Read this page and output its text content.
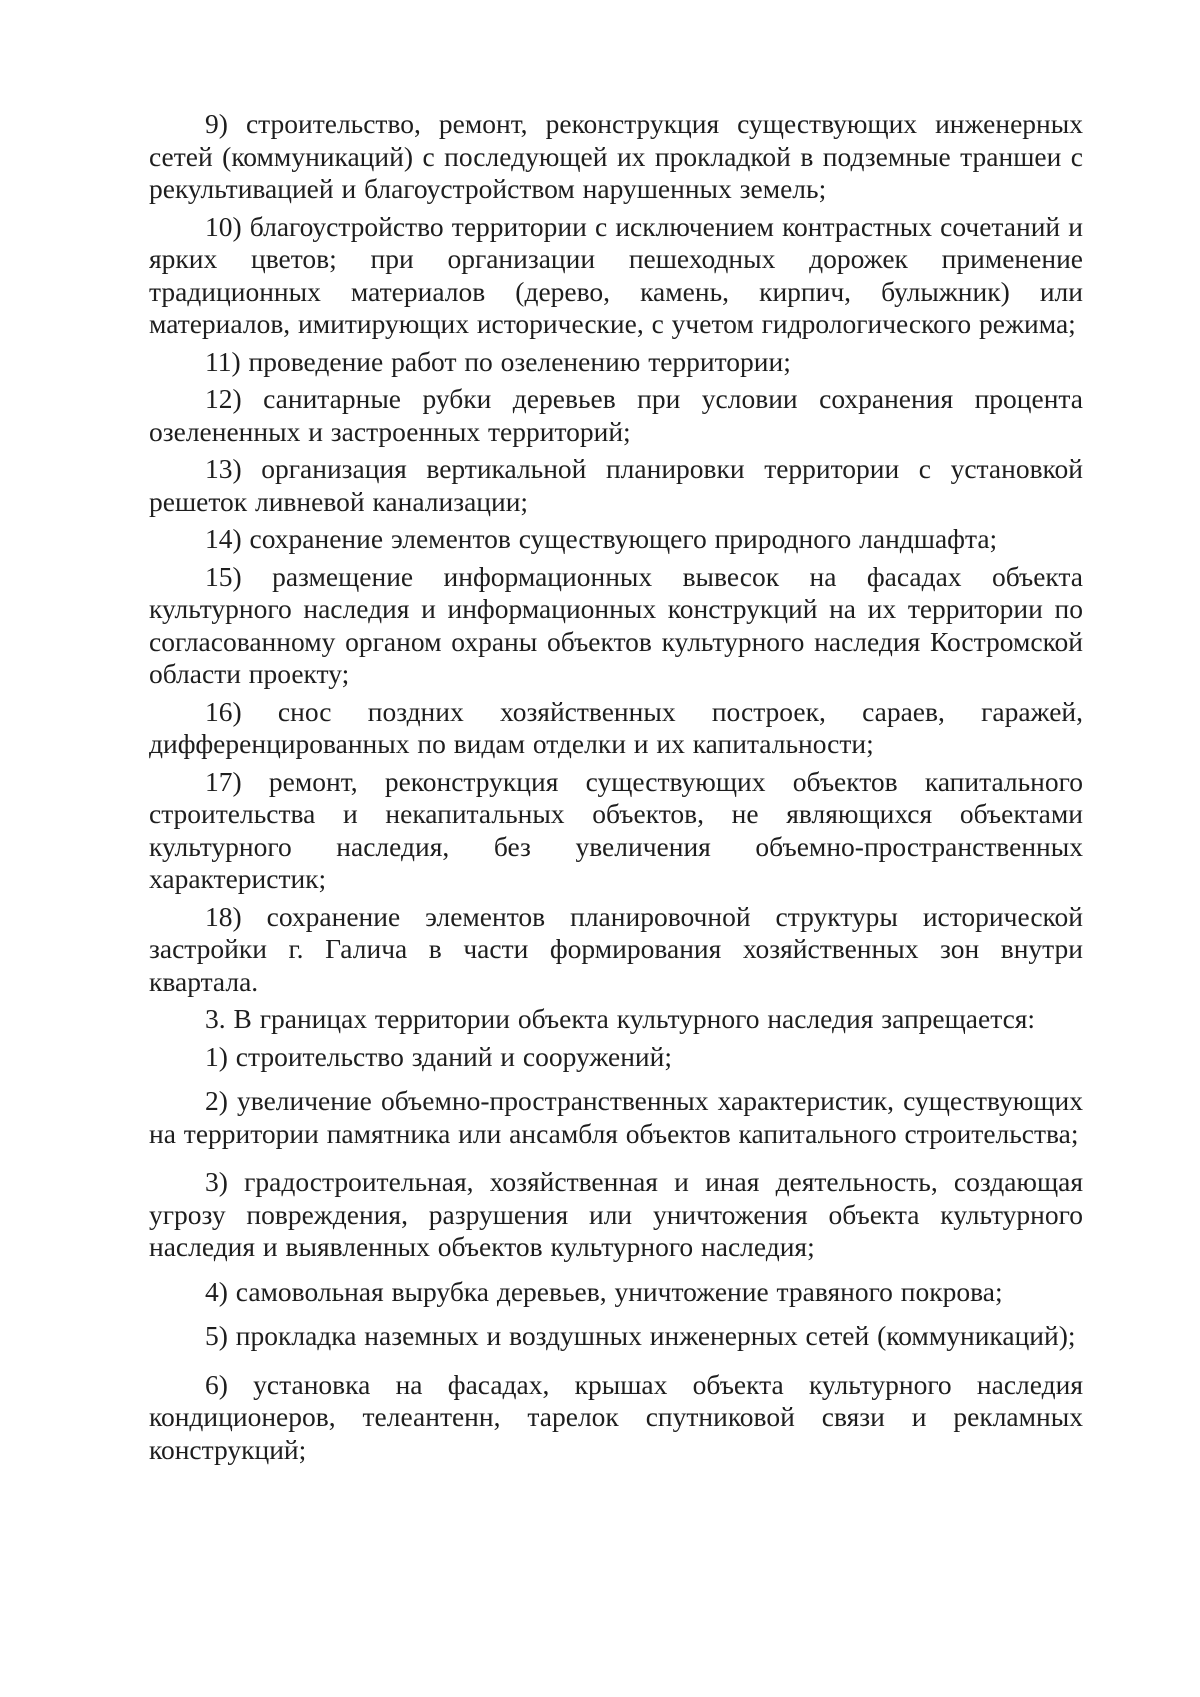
9) строительство, ремонт, реконструкция существующих инженерных сетей (коммуникаций) с последующей их прокладкой в подземные траншеи с рекультивацией и благоустройством нарушенных земель;

10) благоустройство территории с исключением контрастных сочетаний и ярких цветов; при организации пешеходных дорожек применение традиционных материалов (дерево, камень, кирпич, булыжник) или материалов, имитирующих исторические, с учетом гидрологического режима;

11) проведение работ по озеленению территории;

12) санитарные рубки деревьев при условии сохранения процента озелененных и застроенных территорий;

13) организация вертикальной планировки территории с установкой решеток ливневой канализации;

14) сохранение элементов существующего природного ландшафта;

15) размещение информационных вывесок на фасадах объекта культурного наследия и информационных конструкций на их территории по согласованному органом охраны объектов культурного наследия Костромской области проекту;

16) снос поздних хозяйственных построек, сараев, гаражей, дифференцированных по видам отделки и их капитальности;

17) ремонт, реконструкция существующих объектов капитального строительства и некапитальных объектов, не являющихся объектами культурного наследия, без увеличения объемно-пространственных характеристик;

18) сохранение элементов планировочной структуры исторической застройки г. Галича в части формирования хозяйственных зон внутри квартала.

3. В границах территории объекта культурного наследия запрещается:

1) строительство зданий и сооружений;

2) увеличение объемно-пространственных характеристик, существующих на территории памятника или ансамбля объектов капитального строительства;

3) градостроительная, хозяйственная и иная деятельность, создающая угрозу повреждения, разрушения или уничтожения объекта культурного наследия и выявленных объектов культурного наследия;

4) самовольная вырубка деревьев, уничтожение травяного покрова;

5) прокладка наземных и воздушных инженерных сетей (коммуникаций);

6) установка на фасадах, крышах объекта культурного наследия кондиционеров, телеантенн, тарелок спутниковой связи и рекламных конструкций;
